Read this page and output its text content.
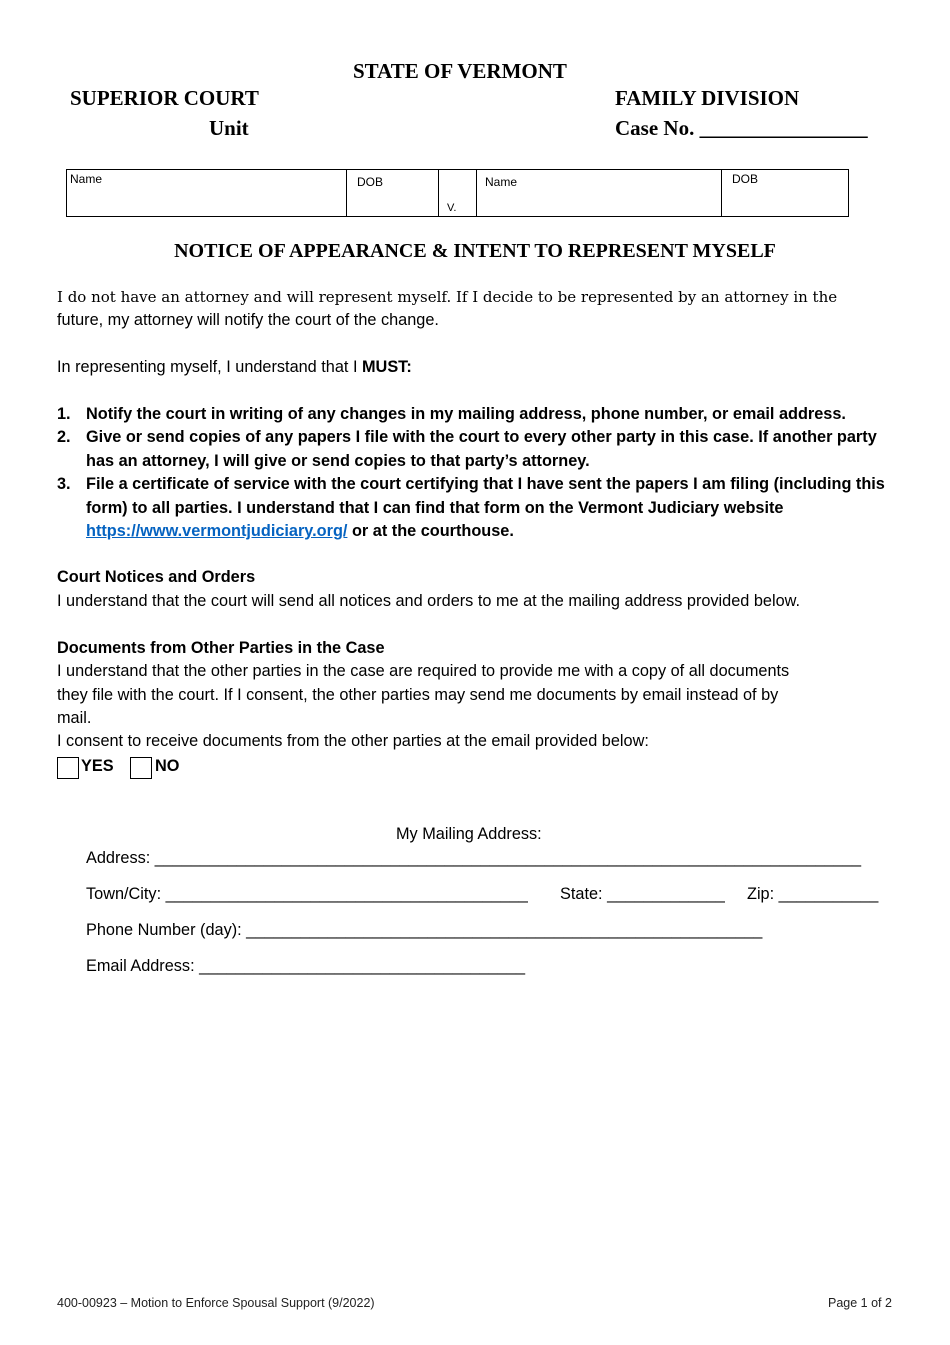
STATE OF VERMONT
SUPERIOR COURT
Unit
FAMILY DIVISION
Case No. ________________
Name	DOB	V.	Name	DOB
NOTICE OF APPEARANCE & INTENT TO REPRESENT MYSELF
I do not have an attorney and will represent myself. If I decide to be represented by an attorney in the
future, my attorney will notify the court of the change.
In representing myself, I understand that I MUST:
1. Notify the court in writing of any changes in my mailing address, phone number, or email address.
2. Give or send copies of any papers I file with the court to every other party in this case. If another party has an attorney, I will give or send copies to that party’s attorney.
3. File a certificate of service with the court certifying that I have sent the papers I am filing (including this form) to all parties. I understand that I can find that form on the Vermont Judiciary website https://www.vermontjudiciary.org/ or at the courthouse.
Court Notices and Orders
I understand that the court will send all notices and orders to me at the mailing address provided below.
Documents from Other Parties in the Case
I understand that the other parties in the case are required to provide me with a copy of all documents
they file with the court. If I consent, the other parties may send me documents by email instead of by
mail.
I consent to receive documents from the other parties at the email provided below:
YES	NO
My Mailing Address:
Address: ______________________________________________________________________________
Town/City: ________________________________________ State: _____________ Zip: ___________
Phone Number (day): _________________________________________________________
Email Address: ____________________________________
400-00923 – Motion to Enforce Spousal Support (9/2022)	Page 1 of 2
